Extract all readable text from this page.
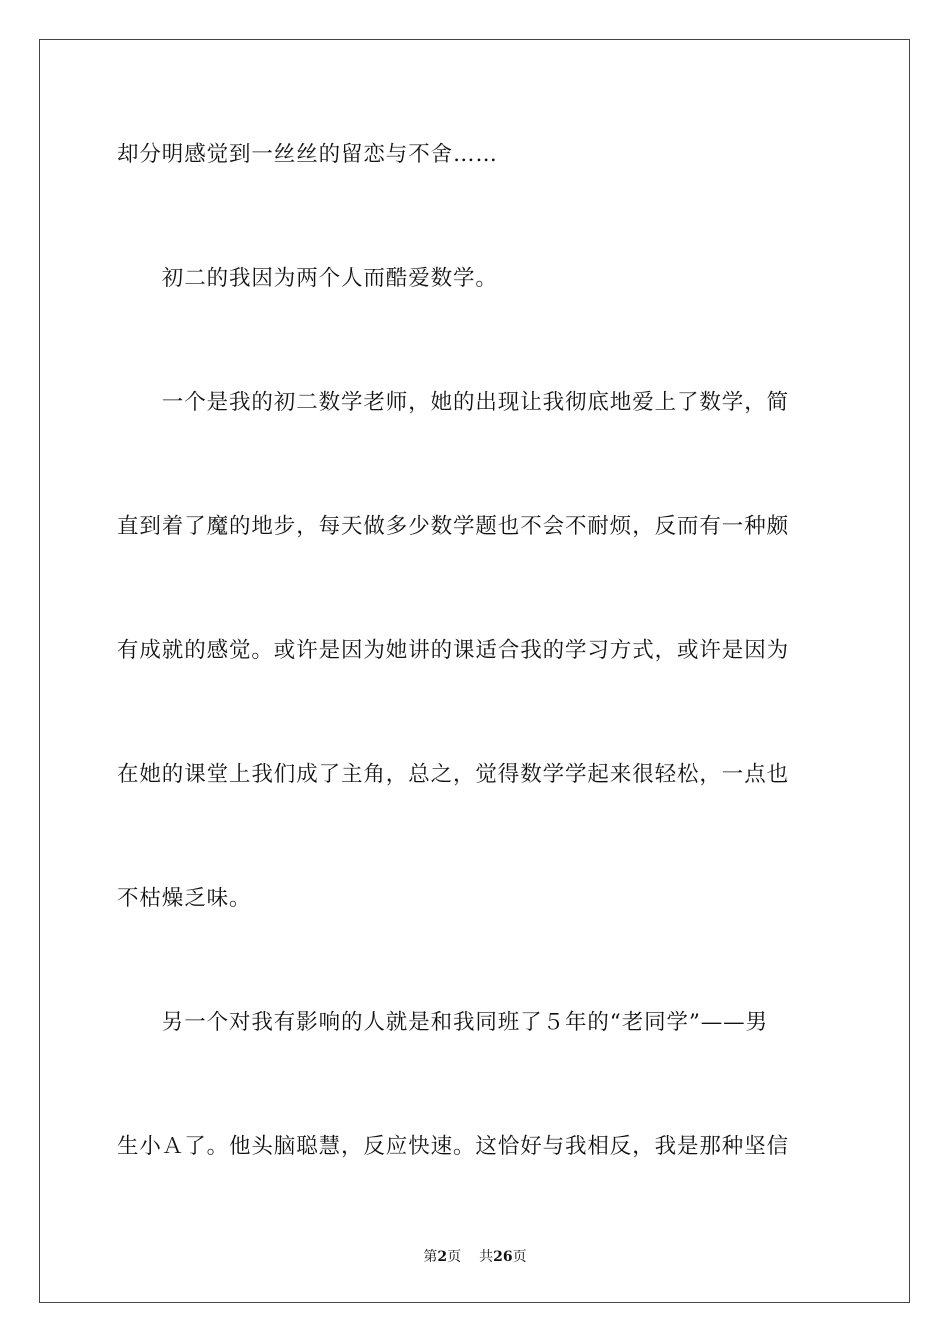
却分明感觉到一丝丝的留恋与不舍……
　　初二的我因为两个人而酷爱数学。
　　一个是我的初二数学老师，她的出现让我彻底地爱上了数学，简
直到着了魔的地步，每天做多少数学题也不会不耐烦，反而有一种颇
有成就的感觉。或许是因为她讲的课适合我的学习方式，或许是因为
在她的课堂上我们成了主角，总之，觉得数学学起来很轻松，一点也
不枯燥乏味。
　　另一个对我有影响的人就是和我同班了５年的“老同学”——男
生小Ａ了。他头脑聪慧，反应快速。这恰好与我相反，我是那种坚信
第2页 共26页
